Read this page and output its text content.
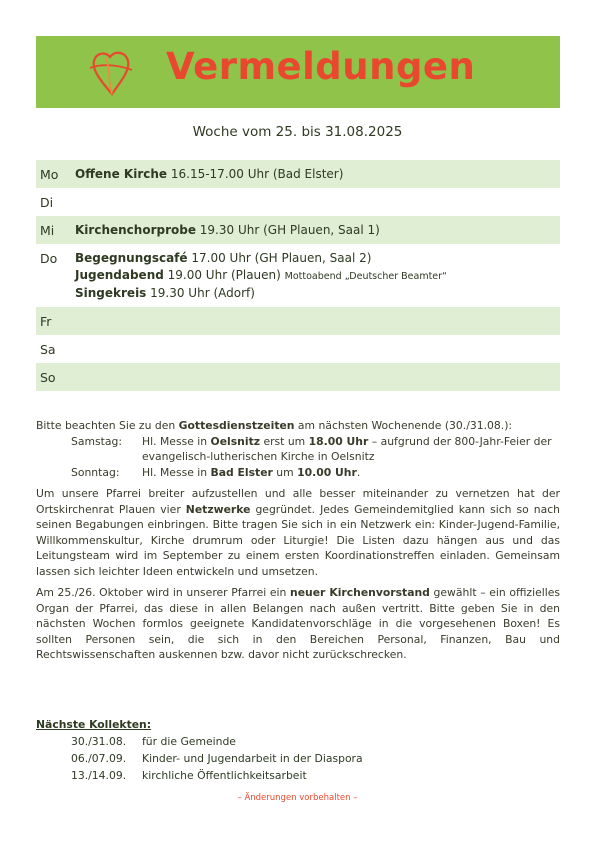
Vermeldungen
Woche vom 25. bis 31.08.2025
Mo Offene Kirche 16.15-17.00 Uhr (Bad Elster)
Di
Mi Kirchenchorprobe 19.30 Uhr (GH Plauen, Saal 1)
Do Begegnungscafé 17.00 Uhr (GH Plauen, Saal 2)
Jugendabend 19.00 Uhr (Plauen) Mottoabend „Deutscher Beamter“
Singekreis 19.30 Uhr (Adorf)
Fr
Sa
So

Bitte beachten Sie zu den Gottesdienstzeiten am nächsten Wochenende (30./31.08.):

Samstag: Hl. Messe in Oelsnitz erst um 18.00 Uhr – aufgrund der 800-Jahr-Feier der evangelisch-lutherischen Kirche in Oelsnitz
Sonntag: Hl. Messe in Bad Elster um 10.00 Uhr.

Um unsere Pfarrei breiter aufzustellen und alle besser miteinander zu vernetzen hat der Ortskirchenrat Plauen vier Netzwerke gegründet. Jedes Gemeindemitglied kann sich so nach seinen Begabungen einbringen. Bitte tragen Sie sich in ein Netzwerk ein: Kinder-Jugend-Familie, Willkommenskultur, Kirche drumrum oder Liturgie! Die Listen dazu hängen aus und das Leitungsteam wird im September zu einem ersten Koordinationstreffen einladen. Gemeinsam lassen sich leichter Ideen entwickeln und umsetzen.

Am 25./26. Oktober wird in unserer Pfarrei ein neuer Kirchenvorstand gewählt – ein offizielles Organ der Pfarrei, das diese in allen Belangen nach außen vertritt. Bitte geben Sie in den nächsten Wochen formlos geeignete Kandidatenvorschläge in die vorgesehenen Boxen! Es sollten Personen sein, die sich in den Bereichen Personal, Finanzen, Bau und Rechtswissenschaften auskennen bzw. davor nicht zurückschrecken.

Nächste Kollekten:
30./31.08. für die Gemeinde
06./07.09. Kinder- und Jugendarbeit in der Diaspora
13./14.09. kirchliche Öffentlichkeitsarbeit
– Änderungen vorbehalten –
